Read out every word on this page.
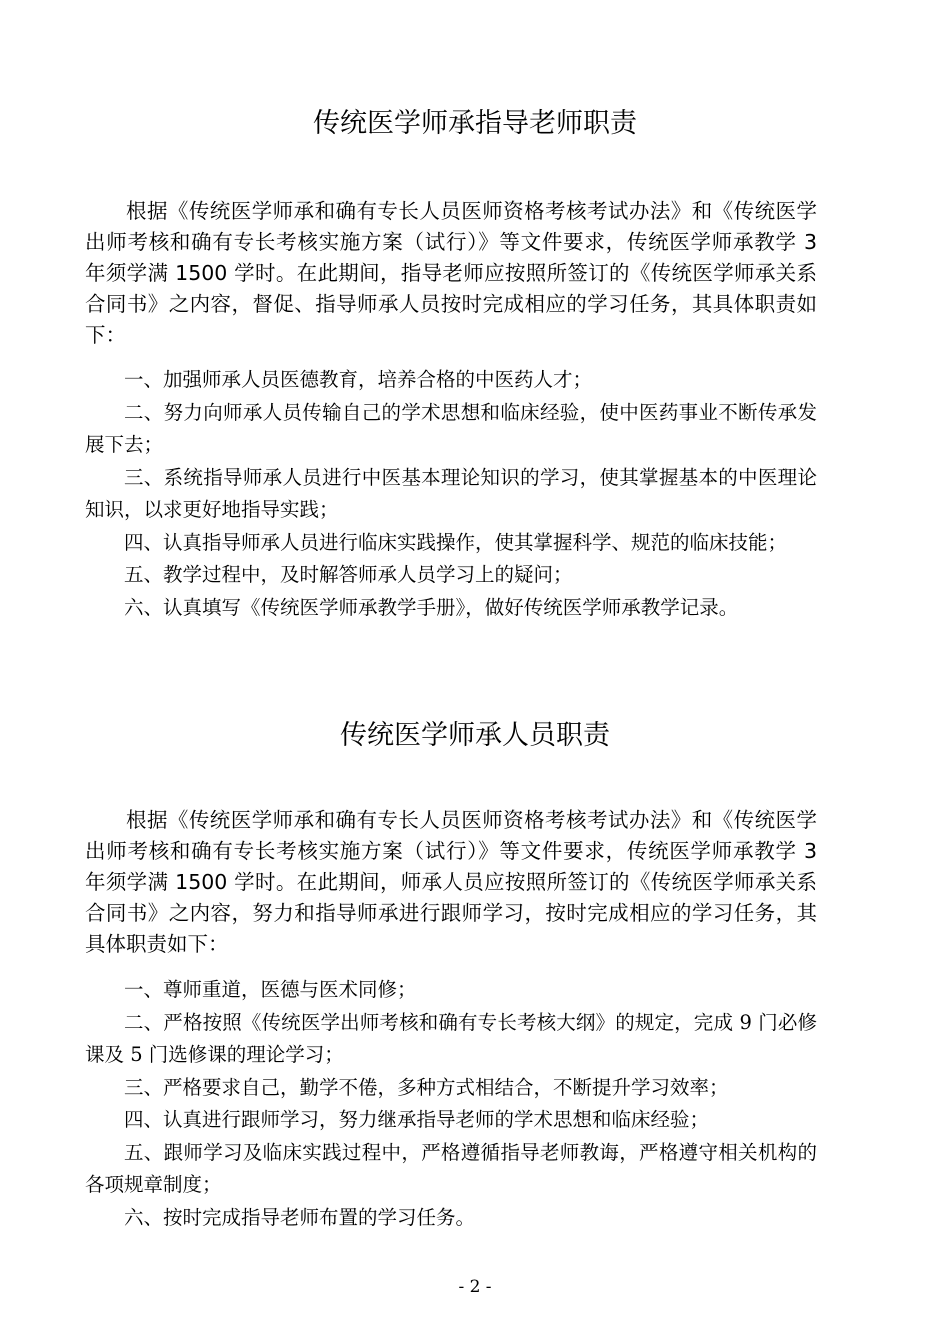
传统医学师承指导老师职责

根据《传统医学师承和确有专长人员医师资格考核考试办法》和《传统医学出师考核和确有专长考核实施方案（试行）》等文件要求，传统医学师承教学 3 年须学满 1500 学时。在此期间，指导老师应按照所签订的《传统医学师承关系合同书》之内容，督促、指导师承人员按时完成相应的学习任务，其具体职责如下：

一、加强师承人员医德教育，培养合格的中医药人才；
二、努力向师承人员传输自己的学术思想和临床经验，使中医药事业不断传承发展下去；
三、系统指导师承人员进行中医基本理论知识的学习，使其掌握基本的中医理论知识，以求更好地指导实践；
四、认真指导师承人员进行临床实践操作，使其掌握科学、规范的临床技能；
五、教学过程中，及时解答师承人员学习上的疑问；
六、认真填写《传统医学师承教学手册》，做好传统医学师承教学记录。
传统医学师承人员职责

根据《传统医学师承和确有专长人员医师资格考核考试办法》和《传统医学出师考核和确有专长考核实施方案（试行）》等文件要求，传统医学师承教学 3 年须学满 1500 学时。在此期间，师承人员应按照所签订的《传统医学师承关系合同书》之内容，努力和指导师承进行跟师学习，按时完成相应的学习任务，其具体职责如下：

一、尊师重道，医德与医术同修；
二、严格按照《传统医学出师考核和确有专长考核大纲》的规定，完成 9 门必修课及 5 门选修课的理论学习；
三、严格要求自己，勤学不倦，多种方式相结合，不断提升学习效率；
四、认真进行跟师学习，努力继承指导老师的学术思想和临床经验；
五、跟师学习及临床实践过程中，严格遵循指导老师教诲，严格遵守相关机构的各项规章制度；
六、按时完成指导老师布置的学习任务。
- 2 -
